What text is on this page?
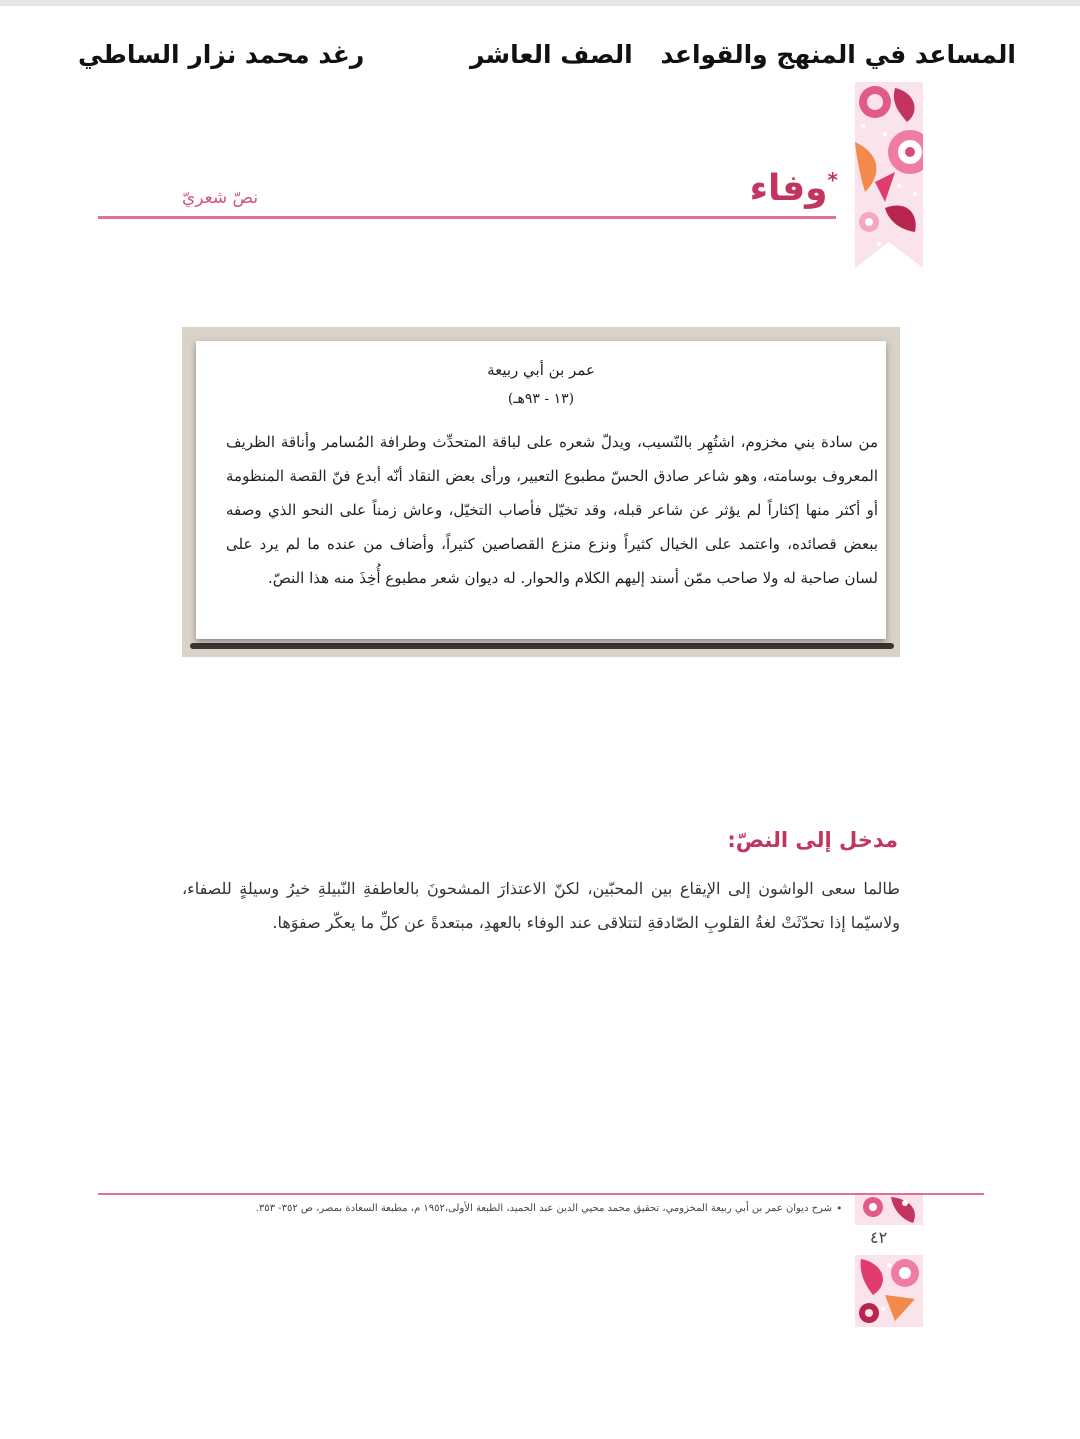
المساعد في المنهج والقواعد
الصف العاشر
رغد محمد نزار الساطي
*وفاء
نصّ شعريّ
عمر بن أبي ربيعة
(١٣ - ٩٣هـ)
من سادة بني مخزوم، اشتُهِر بالنّسيب، ويدلّ شعره على لباقة المتحدِّث وطرافة المُسامر وأناقة الظريف المعروف بوسامته، وهو شاعر صادق الحسّ مطبوع التعبير، ورأى بعض النقاد أنّه أبدع فنّ القصة المنظومة أو أكثر منها إكثاراً لم يؤثر عن شاعر قبله، وقد تخيّل فأصاب التخيّل، وعاش زمناً على النحو الذي وصفه ببعض قصائده، واعتمد على الخيال كثيراً ونزع منزع القصاصين كثيراً، وأضاف من عنده ما لم يرد على لسان صاحبة له ولا صاحب ممّن أسند إليهم الكلام والحوار. له ديوان شعر مطبوع أُخِذَ منه هذا النصّ.
مدخل إلى النصّ:
طالما سعى الواشون إلى الإيقاع بين المحبّين، لكنّ الاعتذارَ المشحونَ بالعاطفةِ النّبيلةِ خيرُ وسيلةٍ للصفاء، ولاسيّما إذا تحدّثَتْ لغةُ القلوبِ الصّادقةِ لتتلاقى عند الوفاء بالعهدِ، مبتعدةً عن كلِّ ما يعكّر صفوَها.
•
شرح ديوان عمر بن أبي ربيعة المخزومي، تحقيق محمد محيي الدين عبد الحميد، الطبعة الأولى،١٩٥٢ م، مطبعة السعادة بمصر، ص ٣٥٢- ٣٥٣.
٤٢
